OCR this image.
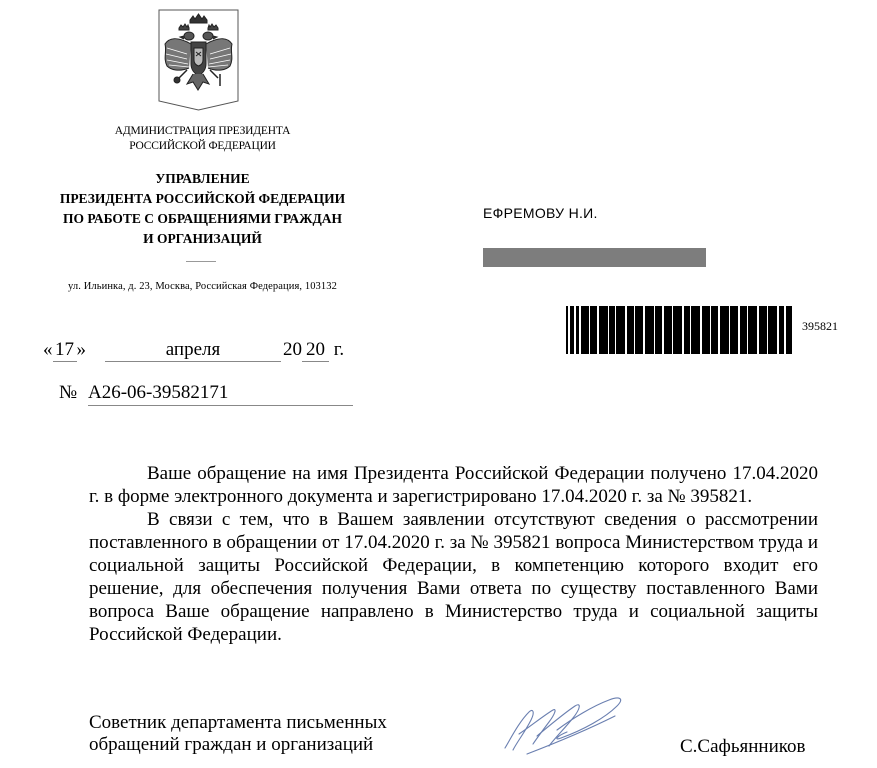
АДМИНИСТРАЦИЯ ПРЕЗИДЕНТА
РОССИЙСКОЙ ФЕДЕРАЦИИ
УПРАВЛЕНИЕ
ПРЕЗИДЕНТА РОССИЙСКОЙ ФЕДЕРАЦИИ
ПО РАБОТЕ С ОБРАЩЕНИЯМИ ГРАЖДАН
И ОРГАНИЗАЦИЙ
ул. Ильинка, д. 23, Москва, Российская Федерация, 103132
« 17 »	апреля	20 20 г.
№ А26-06-39582171
ЕФРЕМОВУ Н.И.
395821

Ваше обращение на имя Президента Российской Федерации получено 17.04.2020 г. в форме электронного документа и зарегистрировано 17.04.2020 г. за № 395821.

В связи с тем, что в Вашем заявлении отсутствуют сведения о рассмотрении поставленного в обращении от 17.04.2020 г. за № 395821 вопроса Министерством труда и социальной защиты Российской Федерации, в компетенцию которого входит его решение, для обеспечения получения Вами ответа по существу поставленного Вами вопроса Ваше обращение направлено в Министерство труда и социальной защиты Российской Федерации.

Советник департамента письменных
обращений граждан и организаций	С.Сафьянников
